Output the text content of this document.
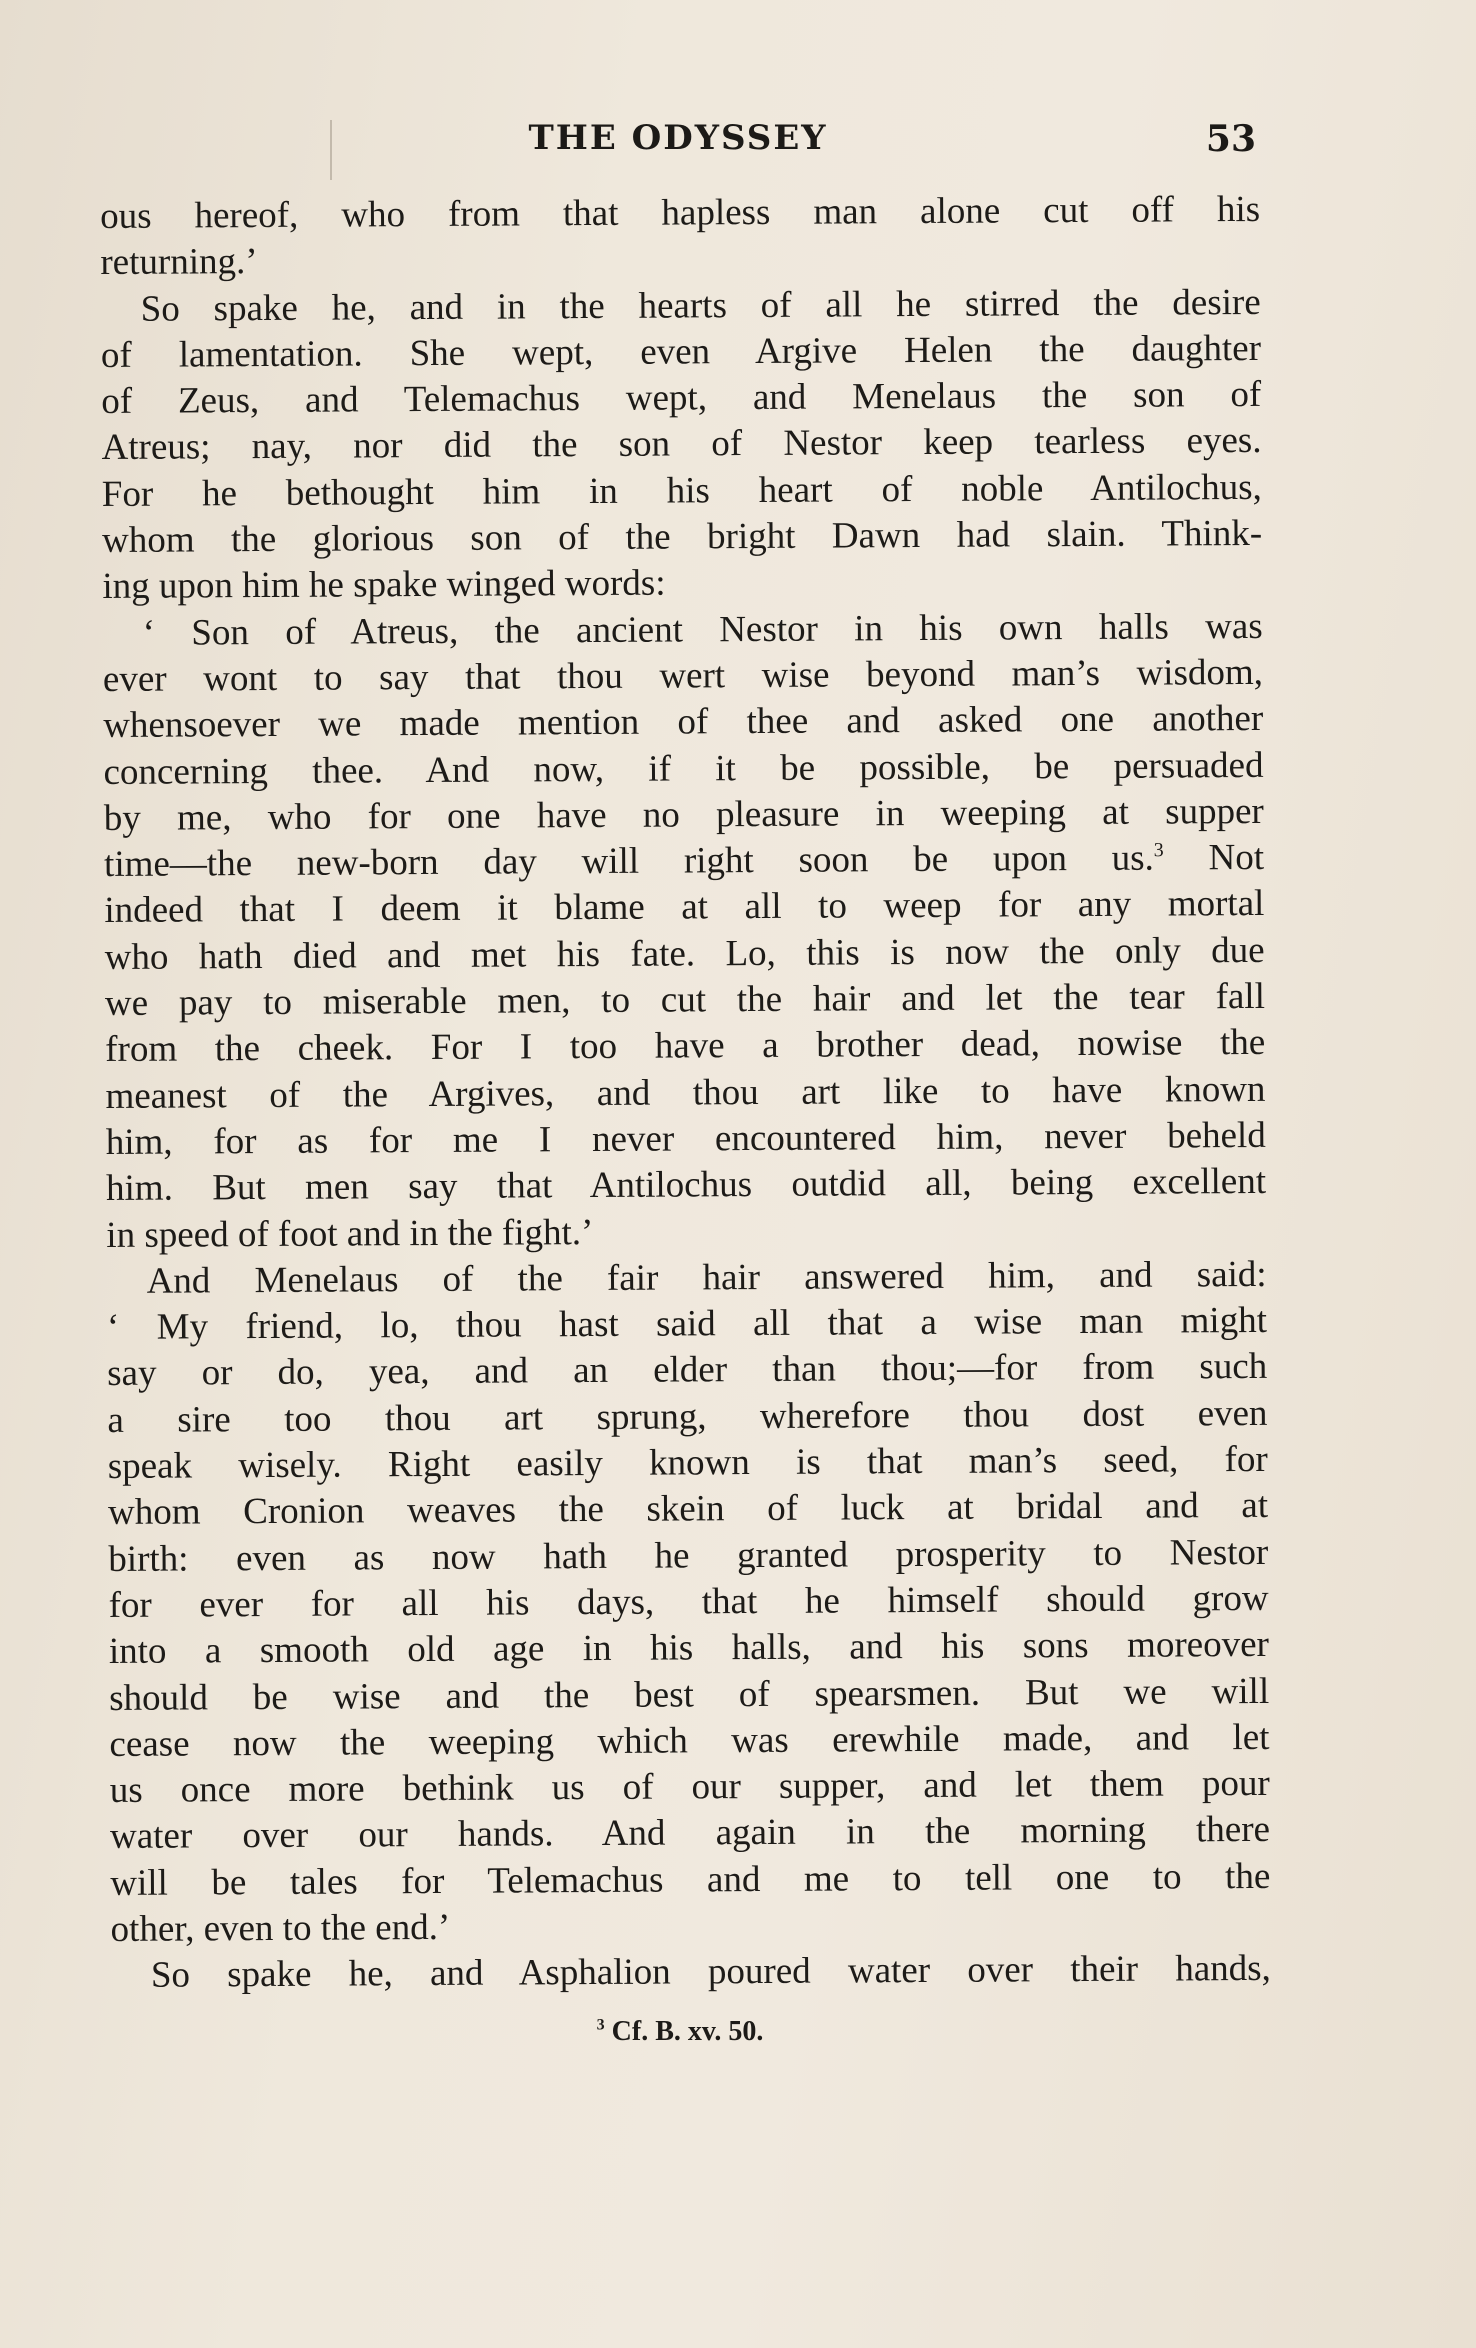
THE ODYSSEY	53
ous hereof, who from that hapless man alone cut off his
returning.’
So spake he, and in the hearts of all he stirred the desire
of lamentation. She wept, even Argive Helen the daughter
of Zeus, and Telemachus wept, and Menelaus the son of
Atreus; nay, nor did the son of Nestor keep tearless eyes.
For he bethought him in his heart of noble Antilochus,
whom the glorious son of the bright Dawn had slain. Think-
ing upon him he spake winged words:
‘ Son of Atreus, the ancient Nestor in his own halls was
ever wont to say that thou wert wise beyond man’s wisdom,
whensoever we made mention of thee and asked one another
concerning thee. And now, if it be possible, be persuaded
by me, who for one have no pleasure in weeping at supper
time—the new-born day will right soon be upon us.$^3$ Not
indeed that I deem it blame at all to weep for any mortal
who hath died and met his fate. Lo, this is now the only due
we pay to miserable men, to cut the hair and let the tear fall
from the cheek. For I too have a brother dead, nowise the
meanest of the Argives, and thou art like to have known
him, for as for me I never encountered him, never beheld
him. But men say that Antilochus outdid all, being excellent
in speed of foot and in the fight.’
And Menelaus of the fair hair answered him, and said:
‘ My friend, lo, thou hast said all that a wise man might
say or do, yea, and an elder than thou;—for from such
a sire too thou art sprung, wherefore thou dost even
speak wisely. Right easily known is that man’s seed, for
whom Cronion weaves the skein of luck at bridal and at
birth: even as now hath he granted prosperity to Nestor
for ever for all his days, that he himself should grow
into a smooth old age in his halls, and his sons moreover
should be wise and the best of spearsmen. But we will
cease now the weeping which was erewhile made, and let
us once more bethink us of our supper, and let them pour
water over our hands. And again in the morning there
will be tales for Telemachus and me to tell one to the
other, even to the end.’
So spake he, and Asphalion poured water over their hands,
$^3$ Cf. B. xv. 50.
